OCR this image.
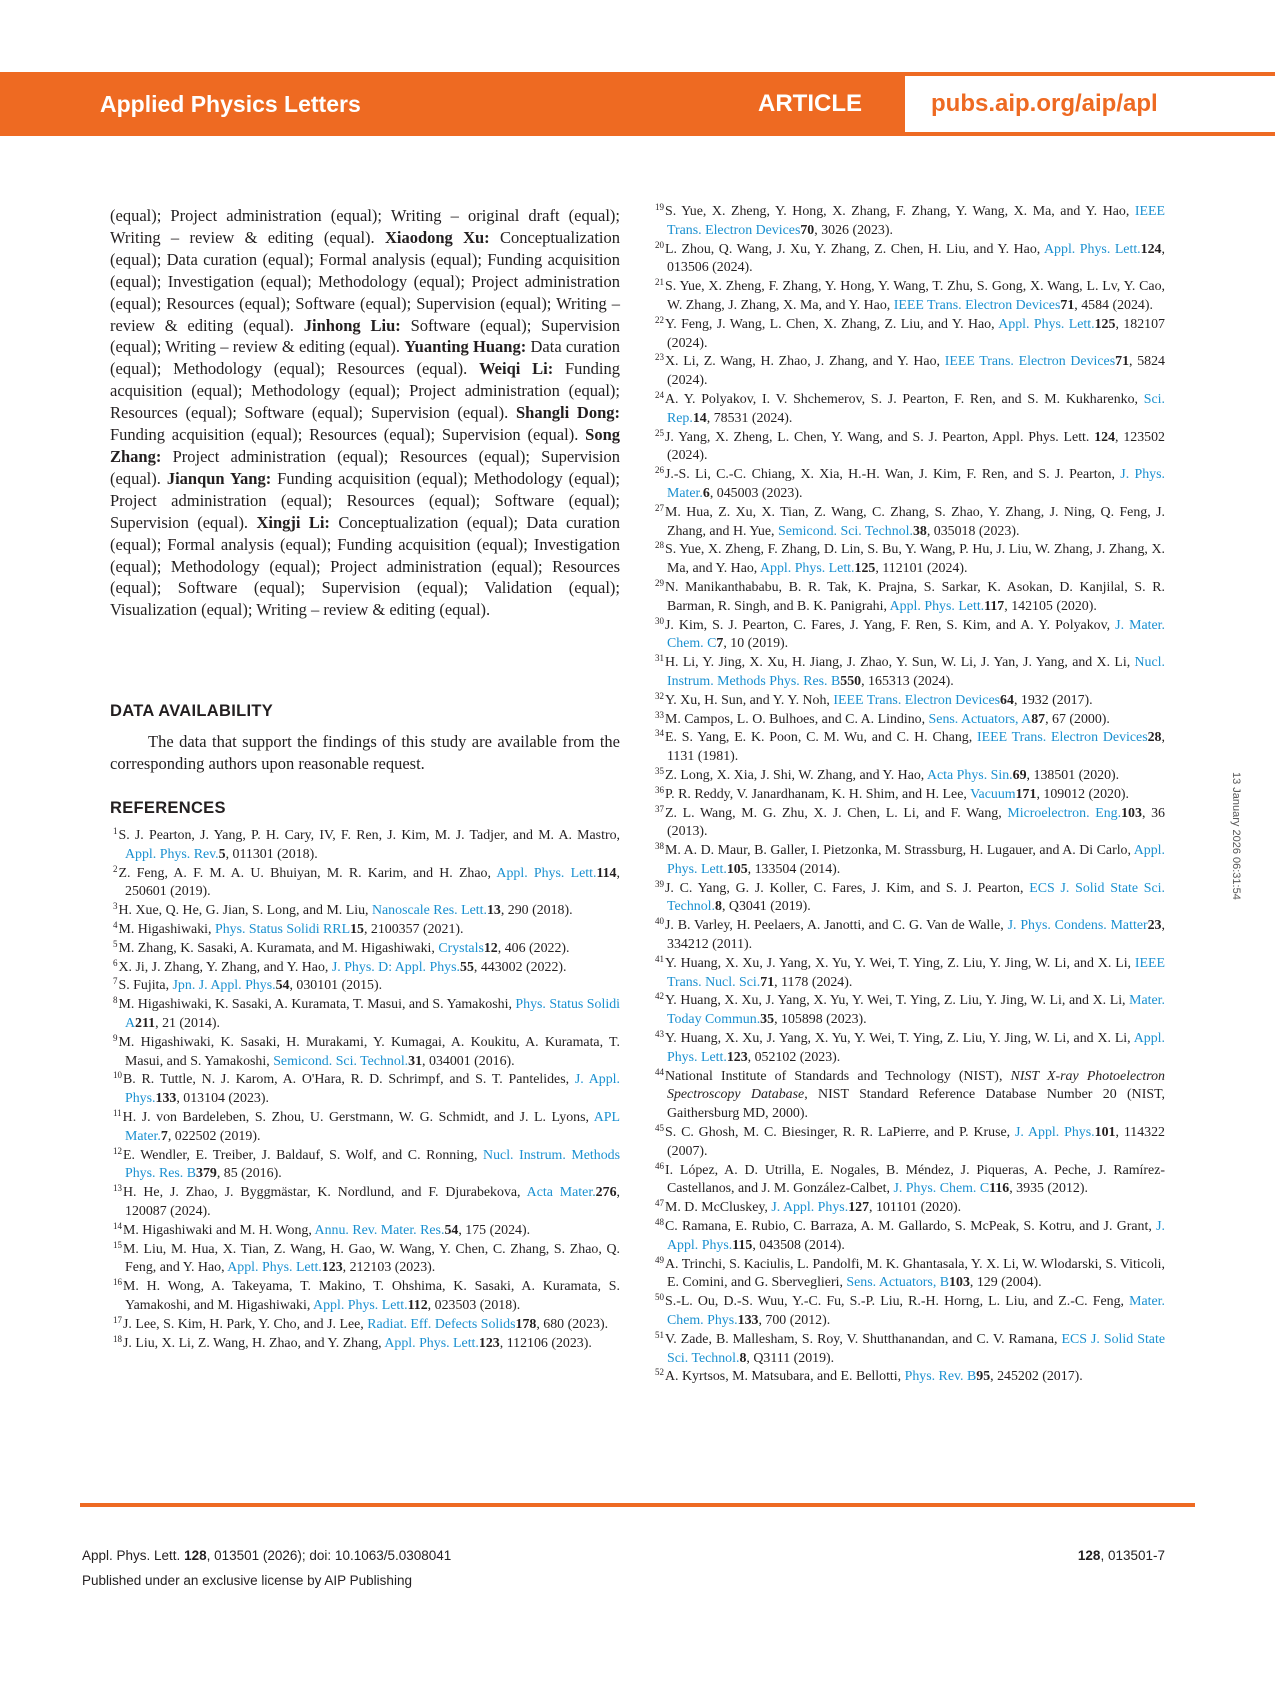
Applied Physics Letters	ARTICLE	pubs.aip.org/aip/apl

(equal); Project administration (equal); Writing – original draft (equal); Writing – review & editing (equal). Xiaodong Xu: Conceptualization (equal); Data curation (equal); Formal analysis (equal); Funding acquisition (equal); Investigation (equal); Methodology (equal); Project administration (equal); Resources (equal); Software (equal); Supervision (equal); Writing – review & editing (equal). Jinhong Liu: Software (equal); Supervision (equal); Writing – review & editing (equal). Yuanting Huang: Data curation (equal); Methodology (equal); Resources (equal). Weiqi Li: Funding acquisition (equal); Methodology (equal); Project administration (equal); Resources (equal); Software (equal); Supervision (equal). Shangli Dong: Funding acquisition (equal); Resources (equal); Supervision (equal). Song Zhang: Project administration (equal); Resources (equal); Supervision (equal). Jianqun Yang: Funding acquisition (equal); Methodology (equal); Project administration (equal); Resources (equal); Software (equal); Supervision (equal). Xingji Li: Conceptualization (equal); Data curation (equal); Formal analysis (equal); Funding acquisition (equal); Investigation (equal); Methodology (equal); Project administration (equal); Resources (equal); Software (equal); Supervision (equal); Validation (equal); Visualization (equal); Writing – review & editing (equal).

DATA AVAILABILITY

The data that support the findings of this study are available from the corresponding authors upon reasonable request.

REFERENCES

$^1$S. J. Pearton, J. Yang, P. H. Cary, IV, F. Ren, J. Kim, M. J. Tadjer, and M. A. Mastro, Appl. Phys. Rev.5, 011301 (2018).

$^2$Z. Feng, A. F. M. A. U. Bhuiyan, M. R. Karim, and H. Zhao, Appl. Phys. Lett.114, 250601 (2019).

$^3$H. Xue, Q. He, G. Jian, S. Long, and M. Liu, Nanoscale Res. Lett.13, 290 (2018).

$^4$M. Higashiwaki, Phys. Status Solidi RRL15, 2100357 (2021).

$^5$M. Zhang, K. Sasaki, A. Kuramata, and M. Higashiwaki, Crystals12, 406 (2022).

$^6$X. Ji, J. Zhang, Y. Zhang, and Y. Hao, J. Phys. D: Appl. Phys.55, 443002 (2022).

$^7$S. Fujita, Jpn. J. Appl. Phys.54, 030101 (2015).

$^8$M. Higashiwaki, K. Sasaki, A. Kuramata, T. Masui, and S. Yamakoshi, Phys. Status Solidi A211, 21 (2014).

$^9$M. Higashiwaki, K. Sasaki, H. Murakami, Y. Kumagai, A. Koukitu, A. Kuramata, T. Masui, and S. Yamakoshi, Semicond. Sci. Technol.31, 034001 (2016).

$^{10}$B. R. Tuttle, N. J. Karom, A. O'Hara, R. D. Schrimpf, and S. T. Pantelides, J. Appl. Phys.133, 013104 (2023).

$^{11}$H. J. von Bardeleben, S. Zhou, U. Gerstmann, W. G. Schmidt, and J. L. Lyons, APL Mater.7, 022502 (2019).

$^{12}$E. Wendler, E. Treiber, J. Baldauf, S. Wolf, and C. Ronning, Nucl. Instrum. Methods Phys. Res. B379, 85 (2016).

$^{13}$H. He, J. Zhao, J. Byggmästar, K. Nordlund, and F. Djurabekova, Acta Mater.276, 120087 (2024).

$^{14}$M. Higashiwaki and M. H. Wong, Annu. Rev. Mater. Res.54, 175 (2024).

$^{15}$M. Liu, M. Hua, X. Tian, Z. Wang, H. Gao, W. Wang, Y. Chen, C. Zhang, S. Zhao, Q. Feng, and Y. Hao, Appl. Phys. Lett.123, 212103 (2023).

$^{16}$M. H. Wong, A. Takeyama, T. Makino, T. Ohshima, K. Sasaki, A. Kuramata, S. Yamakoshi, and M. Higashiwaki, Appl. Phys. Lett.112, 023503 (2018).

$^{17}$J. Lee, S. Kim, H. Park, Y. Cho, and J. Lee, Radiat. Eff. Defects Solids178, 680 (2023).

$^{18}$J. Liu, X. Li, Z. Wang, H. Zhao, and Y. Zhang, Appl. Phys. Lett.123, 112106 (2023).

$^{19}$S. Yue, X. Zheng, Y. Hong, X. Zhang, F. Zhang, Y. Wang, X. Ma, and Y. Hao, IEEE Trans. Electron Devices70, 3026 (2023).

$^{20}$L. Zhou, Q. Wang, J. Xu, Y. Zhang, Z. Chen, H. Liu, and Y. Hao, Appl. Phys. Lett.124, 013506 (2024).

$^{21}$S. Yue, X. Zheng, F. Zhang, Y. Hong, Y. Wang, T. Zhu, S. Gong, X. Wang, L. Lv, Y. Cao, W. Zhang, J. Zhang, X. Ma, and Y. Hao, IEEE Trans. Electron Devices71, 4584 (2024).

$^{22}$Y. Feng, J. Wang, L. Chen, X. Zhang, Z. Liu, and Y. Hao, Appl. Phys. Lett.125, 182107 (2024).

$^{23}$X. Li, Z. Wang, H. Zhao, J. Zhang, and Y. Hao, IEEE Trans. Electron Devices71, 5824 (2024).

$^{24}$A. Y. Polyakov, I. V. Shchemerov, S. J. Pearton, F. Ren, and S. M. Kukharenko, Sci. Rep.14, 78531 (2024).

$^{25}$J. Yang, X. Zheng, L. Chen, Y. Wang, and S. J. Pearton, Appl. Phys. Lett. 124, 123502 (2024).

$^{26}$J.-S. Li, C.-C. Chiang, X. Xia, H.-H. Wan, J. Kim, F. Ren, and S. J. Pearton, J. Phys. Mater.6, 045003 (2023).

$^{27}$M. Hua, Z. Xu, X. Tian, Z. Wang, C. Zhang, S. Zhao, Y. Zhang, J. Ning, Q. Feng, J. Zhang, and H. Yue, Semicond. Sci. Technol.38, 035018 (2023).

$^{28}$S. Yue, X. Zheng, F. Zhang, D. Lin, S. Bu, Y. Wang, P. Hu, J. Liu, W. Zhang, J. Zhang, X. Ma, and Y. Hao, Appl. Phys. Lett.125, 112101 (2024).

$^{29}$N. Manikanthababu, B. R. Tak, K. Prajna, S. Sarkar, K. Asokan, D. Kanjilal, S. R. Barman, R. Singh, and B. K. Panigrahi, Appl. Phys. Lett.117, 142105 (2020).

$^{30}$J. Kim, S. J. Pearton, C. Fares, J. Yang, F. Ren, S. Kim, and A. Y. Polyakov, J. Mater. Chem. C7, 10 (2019).

$^{31}$H. Li, Y. Jing, X. Xu, H. Jiang, J. Zhao, Y. Sun, W. Li, J. Yan, J. Yang, and X. Li, Nucl. Instrum. Methods Phys. Res. B550, 165313 (2024).

$^{32}$Y. Xu, H. Sun, and Y. Y. Noh, IEEE Trans. Electron Devices64, 1932 (2017).

$^{33}$M. Campos, L. O. Bulhoes, and C. A. Lindino, Sens. Actuators, A87, 67 (2000).

$^{34}$E. S. Yang, E. K. Poon, C. M. Wu, and C. H. Chang, IEEE Trans. Electron Devices28, 1131 (1981).

$^{35}$Z. Long, X. Xia, J. Shi, W. Zhang, and Y. Hao, Acta Phys. Sin.69, 138501 (2020).

$^{36}$P. R. Reddy, V. Janardhanam, K. H. Shim, and H. Lee, Vacuum171, 109012 (2020).

$^{37}$Z. L. Wang, M. G. Zhu, X. J. Chen, L. Li, and F. Wang, Microelectron. Eng.103, 36 (2013).

$^{38}$M. A. D. Maur, B. Galler, I. Pietzonka, M. Strassburg, H. Lugauer, and A. Di Carlo, Appl. Phys. Lett.105, 133504 (2014).

$^{39}$J. C. Yang, G. J. Koller, C. Fares, J. Kim, and S. J. Pearton, ECS J. Solid State Sci. Technol.8, Q3041 (2019).

$^{40}$J. B. Varley, H. Peelaers, A. Janotti, and C. G. Van de Walle, J. Phys. Condens. Matter23, 334212 (2011).

$^{41}$Y. Huang, X. Xu, J. Yang, X. Yu, Y. Wei, T. Ying, Z. Liu, Y. Jing, W. Li, and X. Li, IEEE Trans. Nucl. Sci.71, 1178 (2024).

$^{42}$Y. Huang, X. Xu, J. Yang, X. Yu, Y. Wei, T. Ying, Z. Liu, Y. Jing, W. Li, and X. Li, Mater. Today Commun.35, 105898 (2023).

$^{43}$Y. Huang, X. Xu, J. Yang, X. Yu, Y. Wei, T. Ying, Z. Liu, Y. Jing, W. Li, and X. Li, Appl. Phys. Lett.123, 052102 (2023).

$^{44}$National Institute of Standards and Technology (NIST), NIST X-ray Photoelectron Spectroscopy Database, NIST Standard Reference Database Number 20 (NIST, Gaithersburg MD, 2000).

$^{45}$S. C. Ghosh, M. C. Biesinger, R. R. LaPierre, and P. Kruse, J. Appl. Phys.101, 114322 (2007).

$^{46}$I. López, A. D. Utrilla, E. Nogales, B. Méndez, J. Piqueras, A. Peche, J. Ramírez-Castellanos, and J. M. González-Calbet, J. Phys. Chem. C116, 3935 (2012).

$^{47}$M. D. McCluskey, J. Appl. Phys.127, 101101 (2020).

$^{48}$C. Ramana, E. Rubio, C. Barraza, A. M. Gallardo, S. McPeak, S. Kotru, and J. Grant, J. Appl. Phys.115, 043508 (2014).

$^{49}$A. Trinchi, S. Kaciulis, L. Pandolfi, M. K. Ghantasala, Y. X. Li, W. Wlodarski, S. Viticoli, E. Comini, and G. Sberveglieri, Sens. Actuators, B103, 129 (2004).

$^{50}$S.-L. Ou, D.-S. Wuu, Y.-C. Fu, S.-P. Liu, R.-H. Horng, L. Liu, and Z.-C. Feng, Mater. Chem. Phys.133, 700 (2012).

$^{51}$V. Zade, B. Mallesham, S. Roy, V. Shutthanandan, and C. V. Ramana, ECS J. Solid State Sci. Technol.8, Q3111 (2019).

$^{52}$A. Kyrtsos, M. Matsubara, and E. Bellotti, Phys. Rev. B95, 245202 (2017).

13 January 2026 06:31:54
Appl. Phys. Lett. 128, 013501 (2026); doi: 10.1063/5.0308041	128, 013501-7
Published under an exclusive license by AIP Publishing
